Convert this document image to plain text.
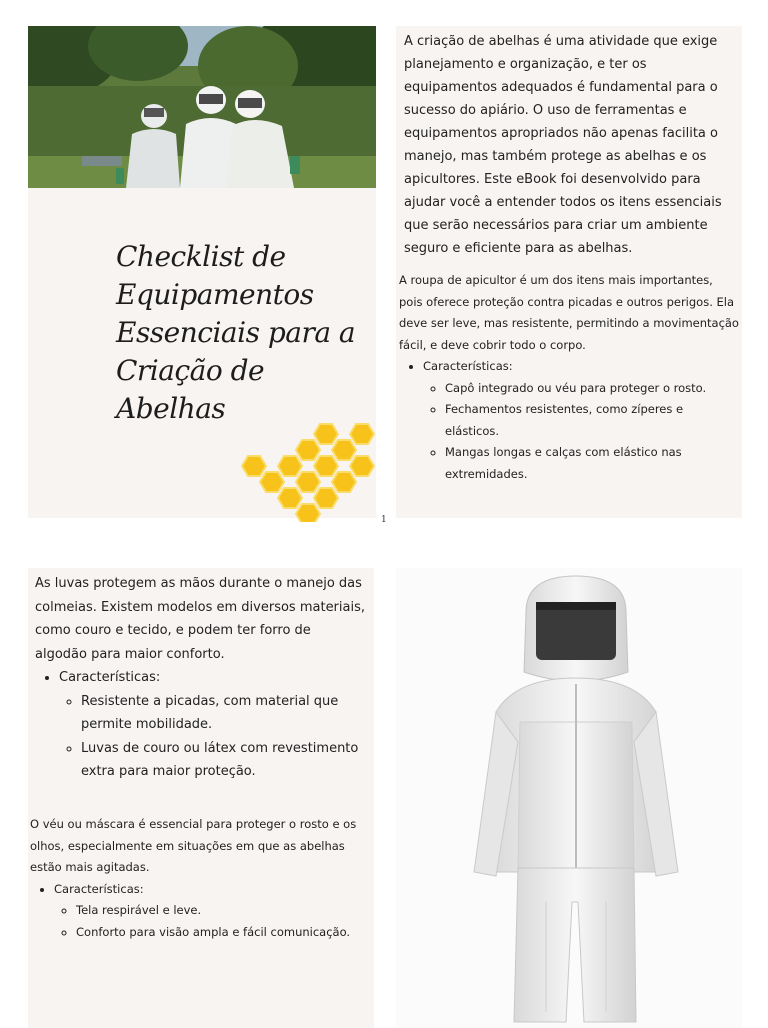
Checklist de Equipamentos Essenciais para a Criação de Abelhas
1

A criação de abelhas é uma atividade que exige planejamento e organização, e ter os equipamentos adequados é fundamental para o sucesso do apiário. O uso de ferramentas e equipamentos apropriados não apenas facilita o manejo, mas também protege as abelhas e os apicultores. Este eBook foi desenvolvido para ajudar você a entender todos os itens essenciais que serão necessários para criar um ambiente seguro e eficiente para as abelhas.

A roupa de apicultor é um dos itens mais importantes, pois oferece proteção contra picadas e outros perigos. Ela deve ser leve, mas resistente, permitindo a movimentação fácil, e deve cobrir todo o corpo.
• Características:
◦ Capô integrado ou véu para proteger o rosto.
◦ Fechamentos resistentes, como zíperes e elásticos.
◦ Mangas longas e calças com elástico nas extremidades.
As luvas protegem as mãos durante o manejo das colmeias. Existem modelos em diversos materiais, como couro e tecido, e podem ter forro de algodão para maior conforto.
• Características:
◦ Resistente a picadas, com material que permite mobilidade.
◦ Luvas de couro ou látex com revestimento extra para maior proteção.
O véu ou máscara é essencial para proteger o rosto e os olhos, especialmente em situações em que as abelhas estão mais agitadas.
• Características:
◦ Tela respirável e leve.
◦ Conforto para visão ampla e fácil comunicação.
